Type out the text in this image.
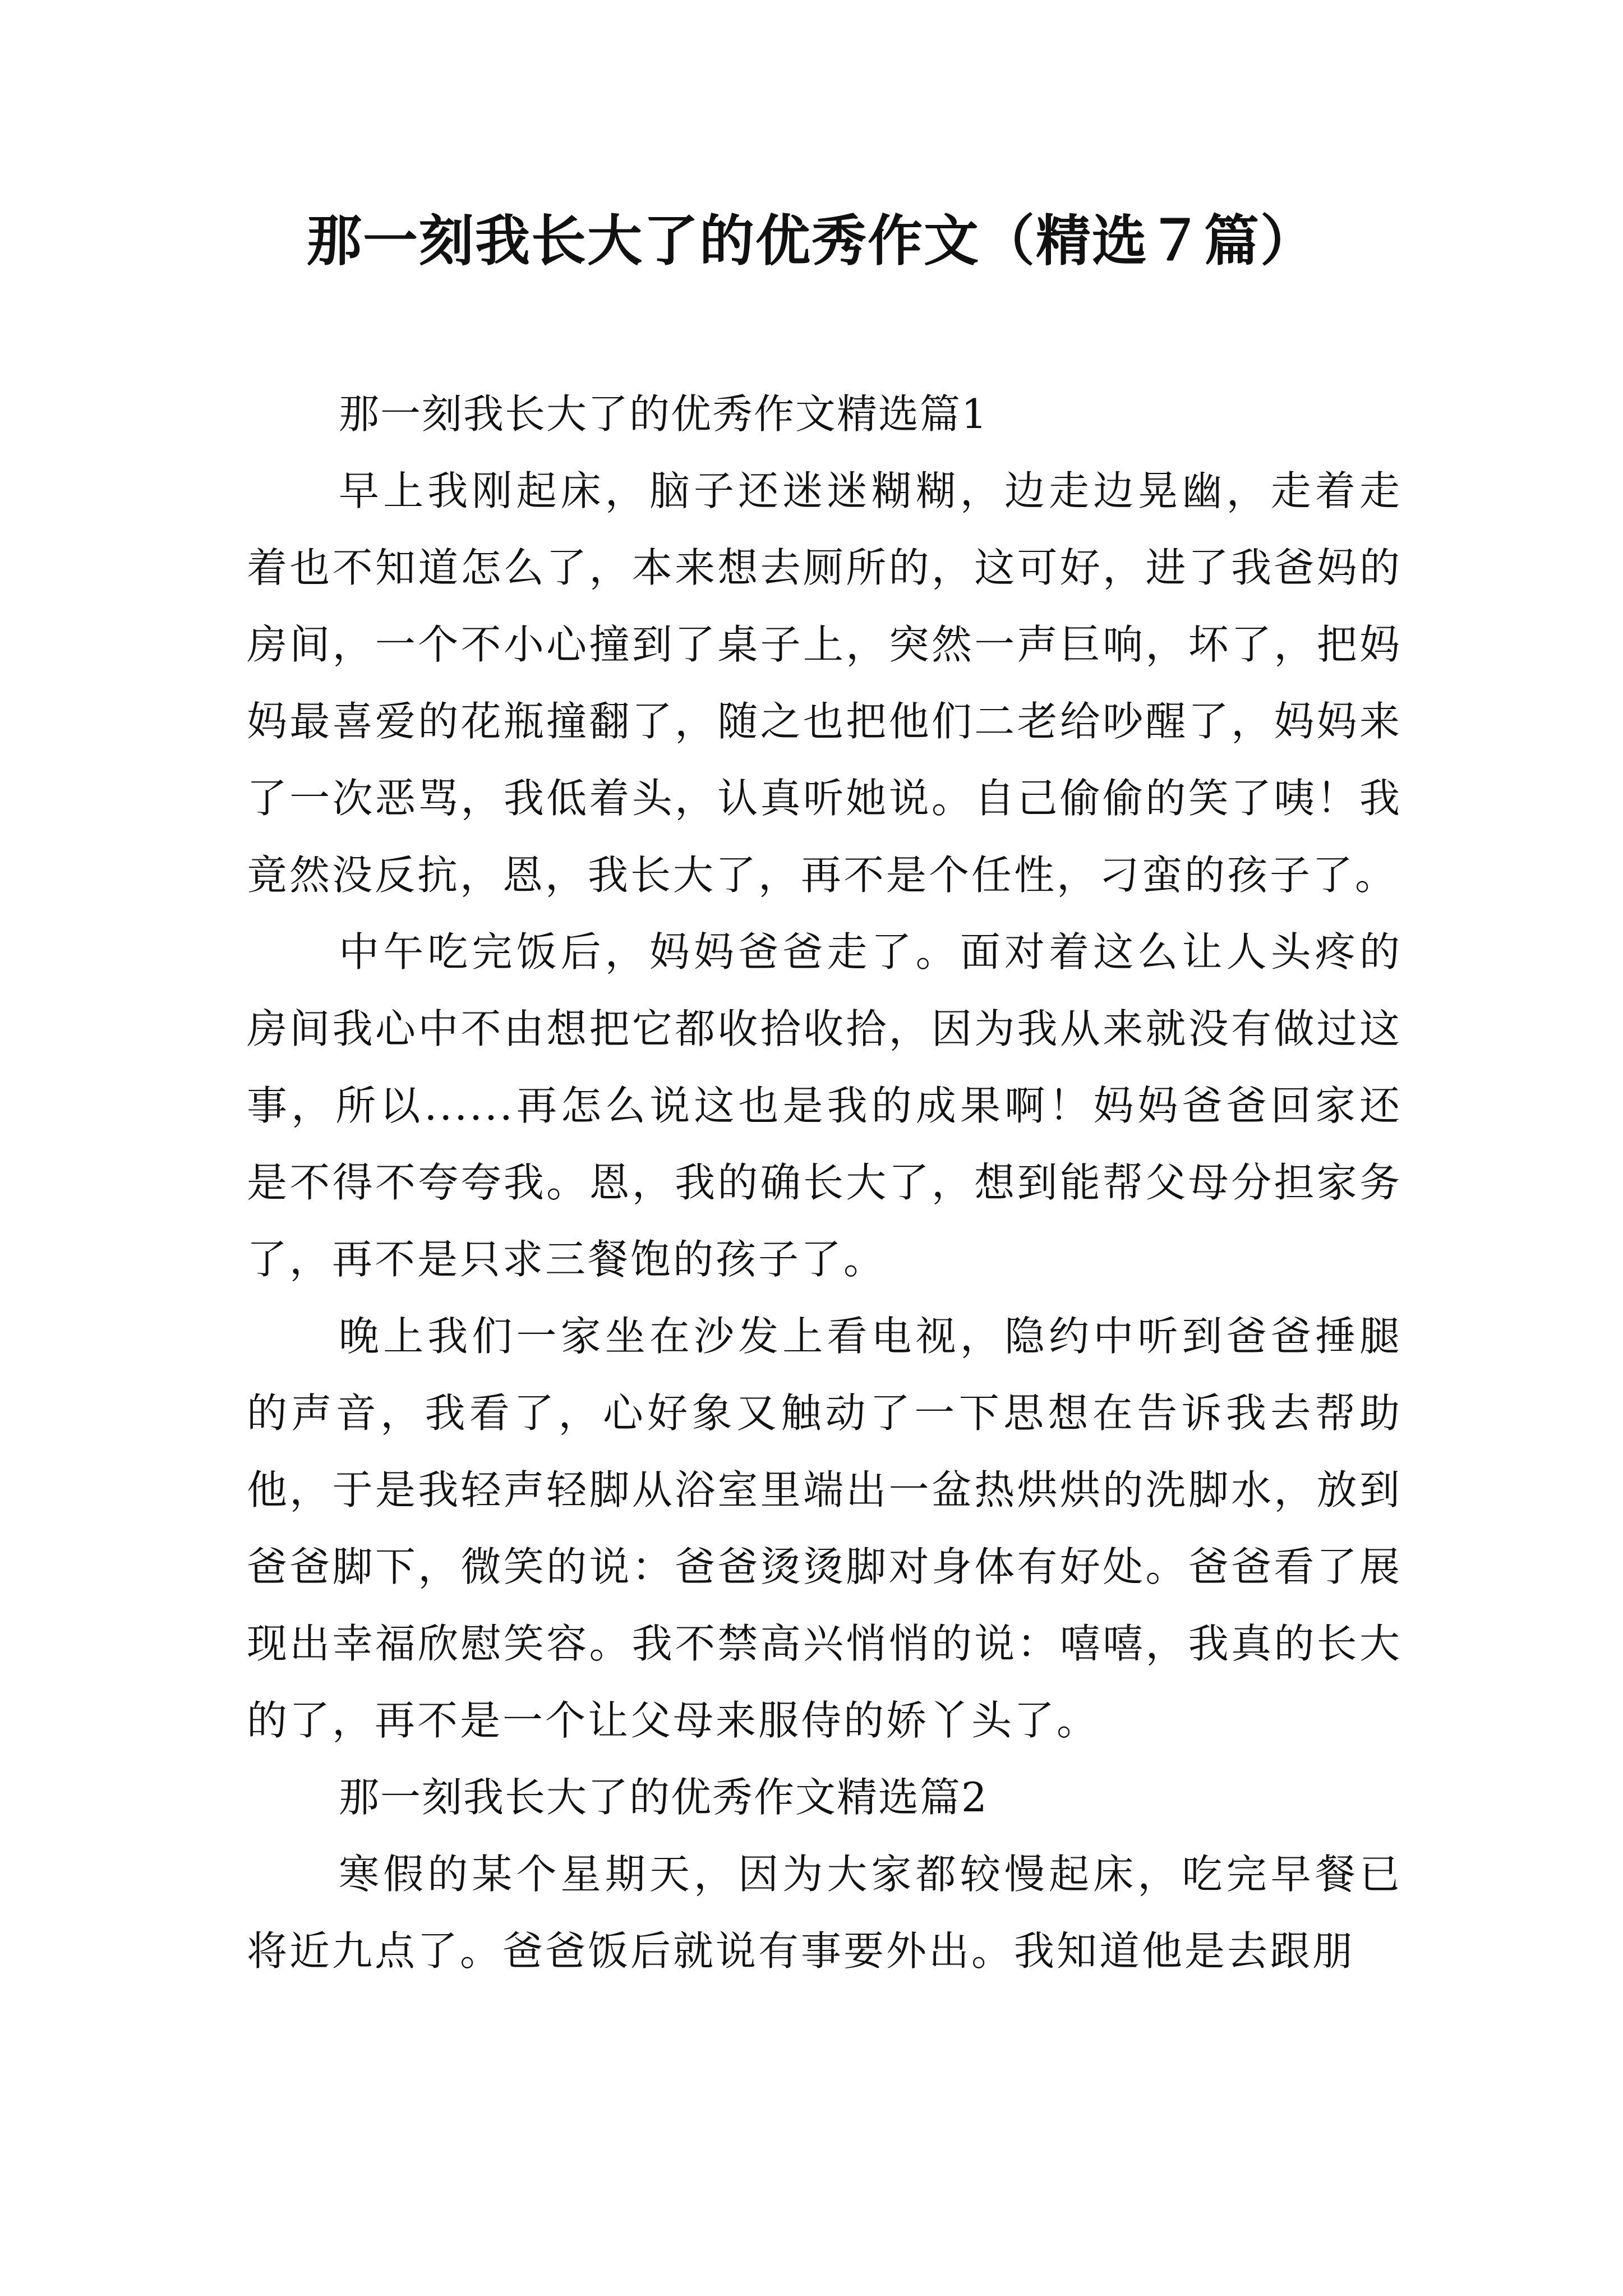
那一刻我长大了的优秀作文（精选７篇）

那一刻我长大了的优秀作文精选篇1

早上我刚起床，脑子还迷迷糊糊，边走边晃幽，走着走着也不知道怎么了，本来想去厕所的，这可好，进了我爸妈的房间，一个不小心撞到了桌子上，突然一声巨响，坏了，把妈妈最喜爱的花瓶撞翻了，随之也把他们二老给吵醒了，妈妈来了一次恶骂，我低着头，认真听她说。自己偷偷的笑了咦！我竟然没反抗，恩，我长大了，再不是个任性，刁蛮的孩子了。

中午吃完饭后，妈妈爸爸走了。面对着这么让人头疼的房间我心中不由想把它都收拾收拾，因为我从来就没有做过这事，所以......再怎么说这也是我的成果啊！妈妈爸爸回家还是不得不夸夸我。恩，我的确长大了，想到能帮父母分担家务了，再不是只求三餐饱的孩子了。

晚上我们一家坐在沙发上看电视，隐约中听到爸爸捶腿的声音，我看了，心好象又触动了一下思想在告诉我去帮助他，于是我轻声轻脚从浴室里端出一盆热烘烘的洗脚水，放到爸爸脚下，微笑的说：爸爸烫烫脚对身体有好处。爸爸看了展现出幸福欣慰笑容。我不禁高兴悄悄的说：嘻嘻，我真的长大的了，再不是一个让父母来服侍的娇丫头了。

那一刻我长大了的优秀作文精选篇2

寒假的某个星期天，因为大家都较慢起床，吃完早餐已将近九点了。爸爸饭后就说有事要外出。我知道他是去跟朋
